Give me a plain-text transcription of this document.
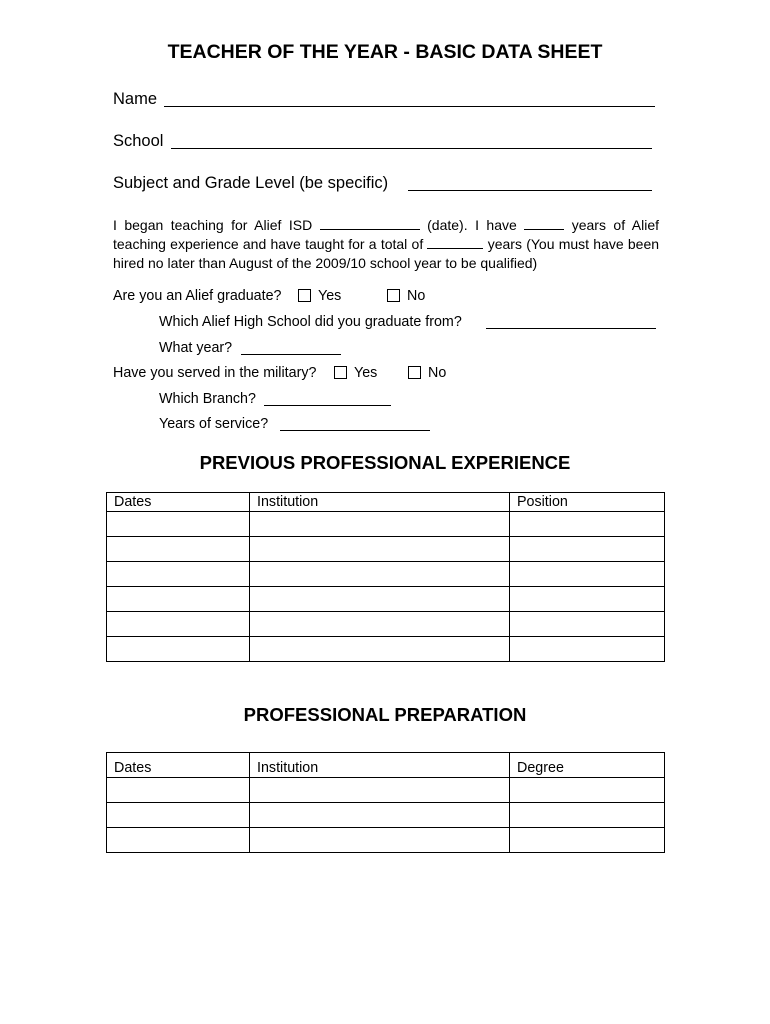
TEACHER OF THE YEAR - BASIC DATA SHEET
Name
School
Subject and Grade Level (be specific)
I began teaching for Alief ISD	(date). I have	years of Alief teaching experience and have taught for a total of	years (You must have been hired no later than August of the 2009/10 school year to be qualified)
Are you an Alief graduate?	Yes	No
Which Alief High School did you graduate from?
What year?
Have you served in the military?	Yes	No
Which Branch?
Years of service?
PREVIOUS PROFESSIONAL EXPERIENCE
Dates	Institution	Position

PROFESSIONAL PREPARATION
Dates	Institution	Degree
